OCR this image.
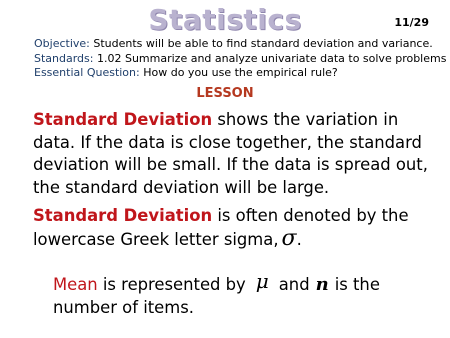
Statistics	11/29
Objective: Students will be able to find standard deviation and variance.
Standards: 1.02 Summarize and analyze univariate data to solve problems
Essential Question: How do you use the empirical rule?
LESSON
Standard Deviation shows the variation in data. If the data is close together, the standard deviation will be small. If the data is spread out, the standard deviation will be large.
Standard Deviation is often denoted by the lowercase Greek letter sigma, σ.
Mean is represented by μ and n is the number of items.
